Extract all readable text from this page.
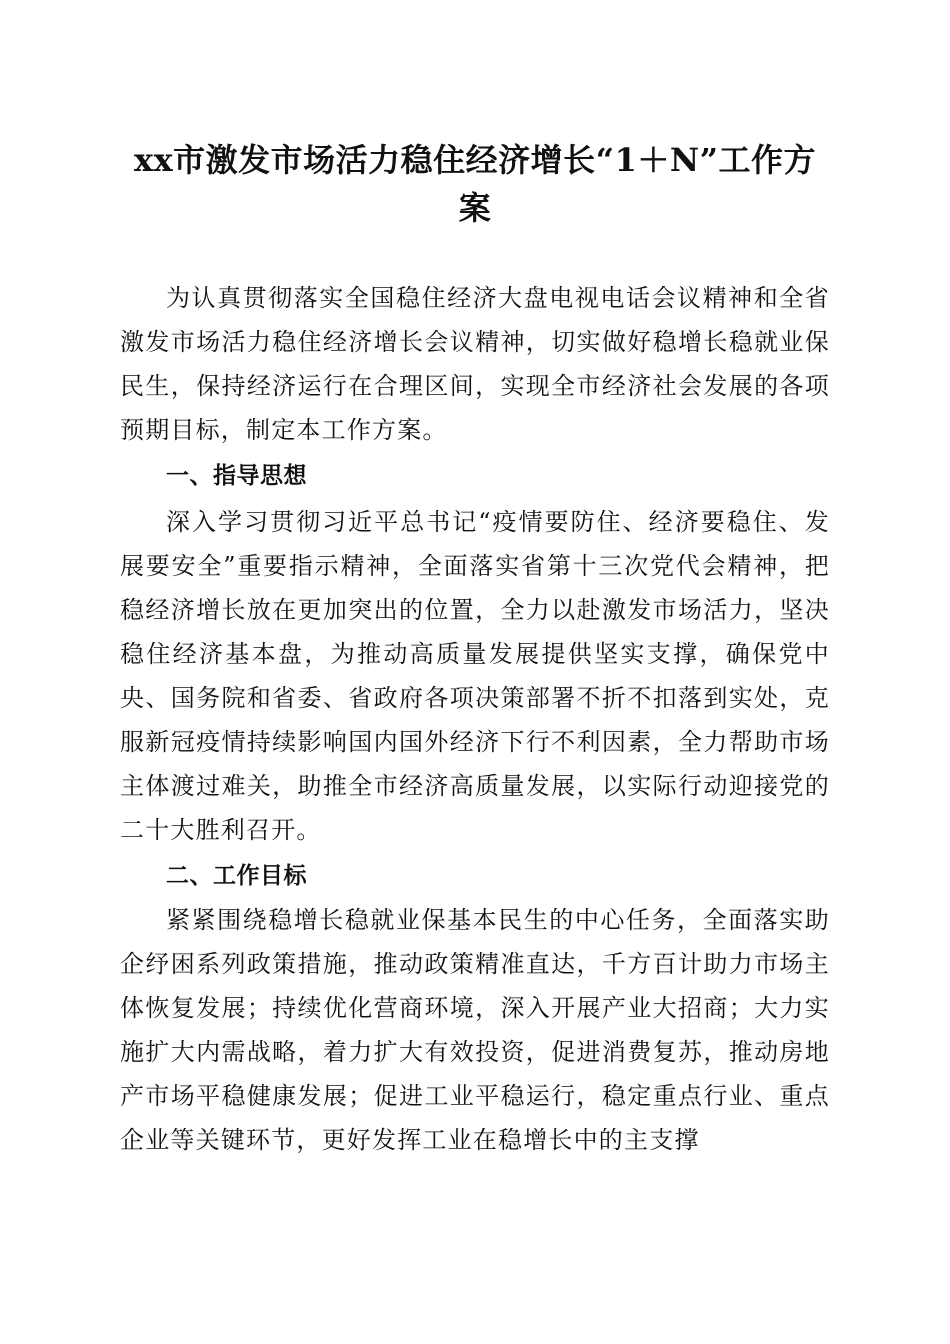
xx市激发市场活力稳住经济增长“1＋N”工作方案

为认真贯彻落实全国稳住经济大盘电视电话会议精神和全省激发市场活力稳住经济增长会议精神，切实做好稳增长稳就业保民生，保持经济运行在合理区间，实现全市经济社会发展的各项预期目标，制定本工作方案。

一、指导思想

深入学习贯彻习近平总书记“疫情要防住、经济要稳住、发展要安全”重要指示精神，全面落实省第十三次党代会精神，把稳经济增长放在更加突出的位置，全力以赴激发市场活力，坚决稳住经济基本盘，为推动高质量发展提供坚实支撑，确保党中央、国务院和省委、省政府各项决策部署不折不扣落到实处，克服新冠疫情持续影响国内国外经济下行不利因素，全力帮助市场主体渡过难关，助推全市经济高质量发展，以实际行动迎接党的二十大胜利召开。

二、工作目标

紧紧围绕稳增长稳就业保基本民生的中心任务，全面落实助企纾困系列政策措施，推动政策精准直达，千方百计助力市场主体恢复发展；持续优化营商环境，深入开展产业大招商；大力实施扩大内需战略，着力扩大有效投资，促进消费复苏，推动房地产市场平稳健康发展；促进工业平稳运行，稳定重点行业、重点企业等关键环节，更好发挥工业在稳增长中的主支撑
